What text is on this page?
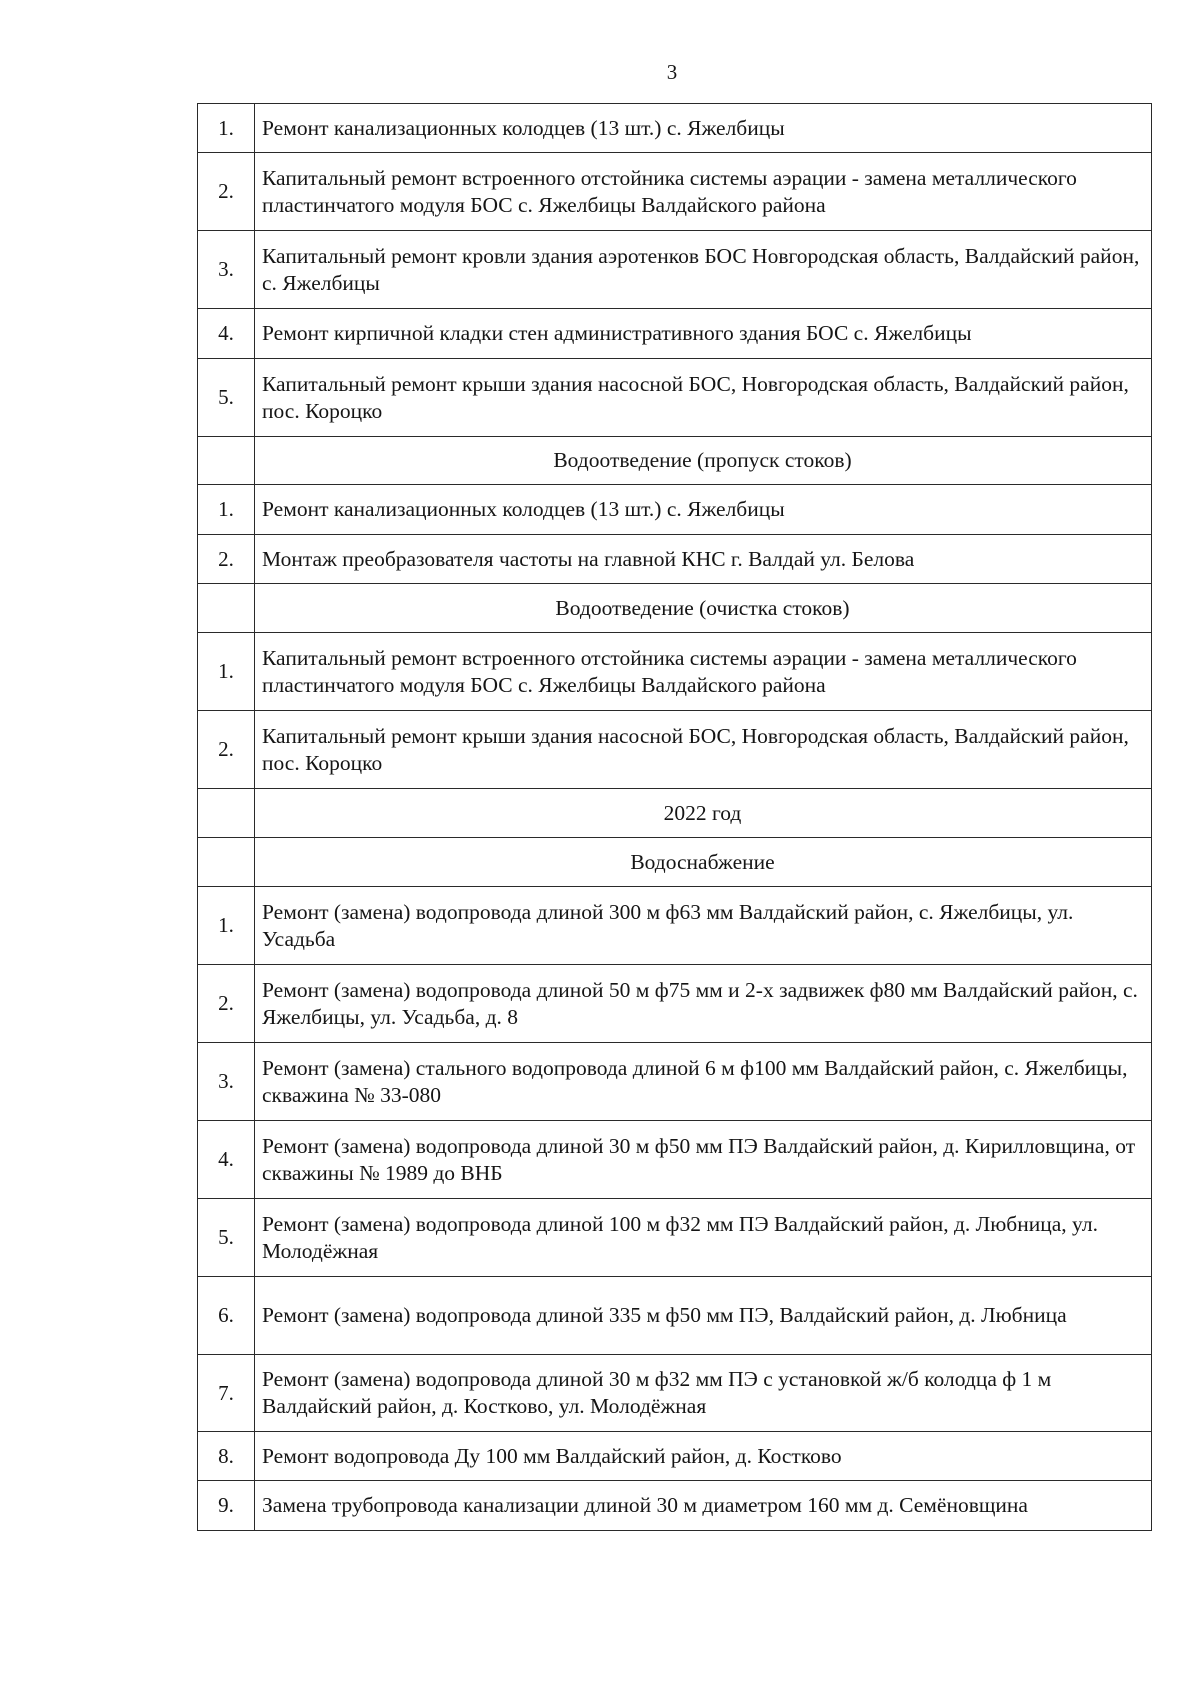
3
1.	Ремонт канализационных колодцев (13 шт.) с. Яжелбицы
2.	Капитальный ремонт встроенного отстойника системы аэрации - замена металлического пластинчатого модуля БОС с. Яжелбицы Валдайского района
3.	Капитальный ремонт кровли здания аэротенков БОС Новгородская область, Валдайский район, с. Яжелбицы
4.	Ремонт кирпичной кладки стен административного здания БОС с. Яжелбицы
5.	Капитальный ремонт крыши здания насосной БОС, Новгородская область, Валдайский район, пос. Короцко
	Водоотведение (пропуск стоков)
1.	Ремонт канализационных колодцев (13 шт.) с. Яжелбицы
2.	Монтаж преобразователя частоты на главной КНС г. Валдай ул. Белова
	Водоотведение (очистка стоков)
1.	Капитальный ремонт встроенного отстойника системы аэрации - замена металлического пластинчатого модуля БОС с. Яжелбицы Валдайского района
2.	Капитальный ремонт крыши здания насосной БОС, Новгородская область, Валдайский район, пос. Короцко
	2022 год
	Водоснабжение
1.	Ремонт (замена) водопровода длиной 300 м ф63 мм Валдайский район, с. Яжелбицы, ул. Усадьба
2.	Ремонт (замена) водопровода длиной 50 м ф75 мм и 2-х задвижек ф80 мм Валдайский район, с. Яжелбицы, ул. Усадьба, д. 8
3.	Ремонт (замена) стального водопровода длиной 6 м ф100 мм Валдайский район, с. Яжелбицы, скважина № 33-080
4.	Ремонт (замена) водопровода длиной 30 м ф50 мм ПЭ Валдайский район, д. Кирилловщина, от скважины № 1989 до ВНБ
5.	Ремонт (замена) водопровода длиной 100 м ф32 мм ПЭ Валдайский район, д. Любница, ул. Молодёжная
6.	Ремонт (замена) водопровода длиной 335 м ф50 мм ПЭ, Валдайский район, д. Любница
7.	Ремонт (замена) водопровода длиной 30 м ф32 мм ПЭ с установкой ж/б колодца ф 1 м Валдайский район, д. Костково, ул. Молодёжная
8.	Ремонт водопровода Ду 100 мм Валдайский район, д. Костково
9.	Замена трубопровода канализации длиной 30 м диаметром 160 мм д. Семёновщина
